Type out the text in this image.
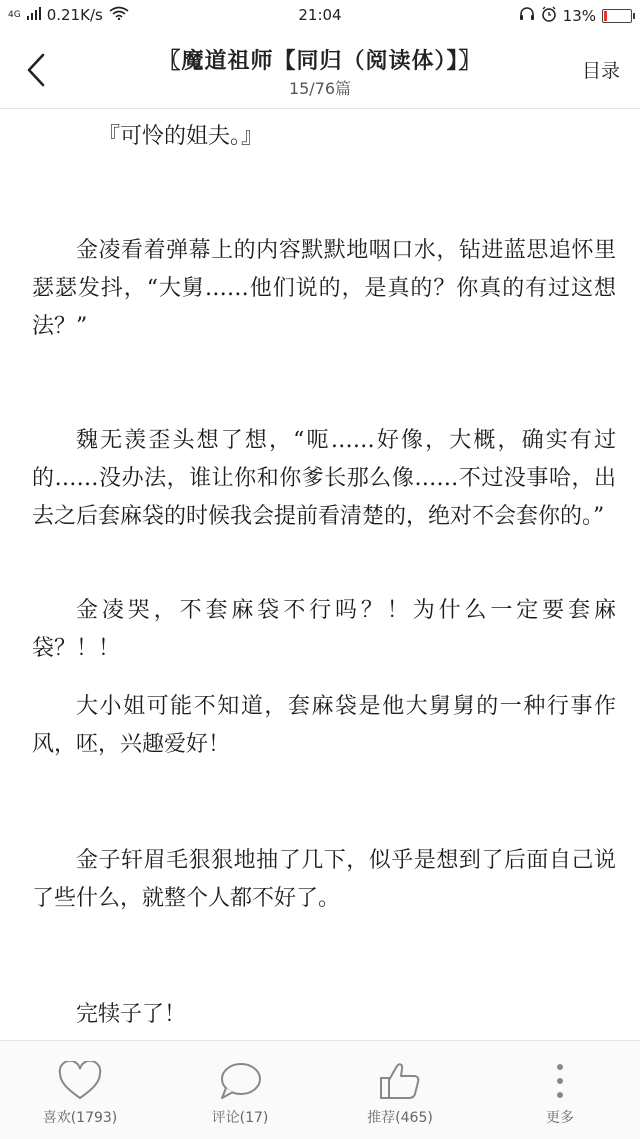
4G 0.21K/s	21:04	13%
〖魔道祖师【同归（阅读体）】〗
15/76篇
目录
『可怜的姐夫。』
金凌看着弹幕上的内容默默地咽口水，钻进蓝思追怀里瑟瑟发抖，“大舅……他们说的，是真的？你真的有过这想法？”
魏无羡歪头想了想，“呃……好像，大概，确实有过的……没办法，谁让你和你爹长那么像……不过没事哈，出去之后套麻袋的时候我会提前看清楚的，绝对不会套你的。”
金凌哭，不套麻袋不行吗？！为什么一定要套麻袋？！！
大小姐可能不知道，套麻袋是他大舅舅的一种行事作风，呸，兴趣爱好！
金子轩眉毛狠狠地抽了几下，似乎是想到了后面自己说了些什么，就整个人都不好了。
完犊子了！
喜欢(1793)	评论(17)	推荐(465)	更多
